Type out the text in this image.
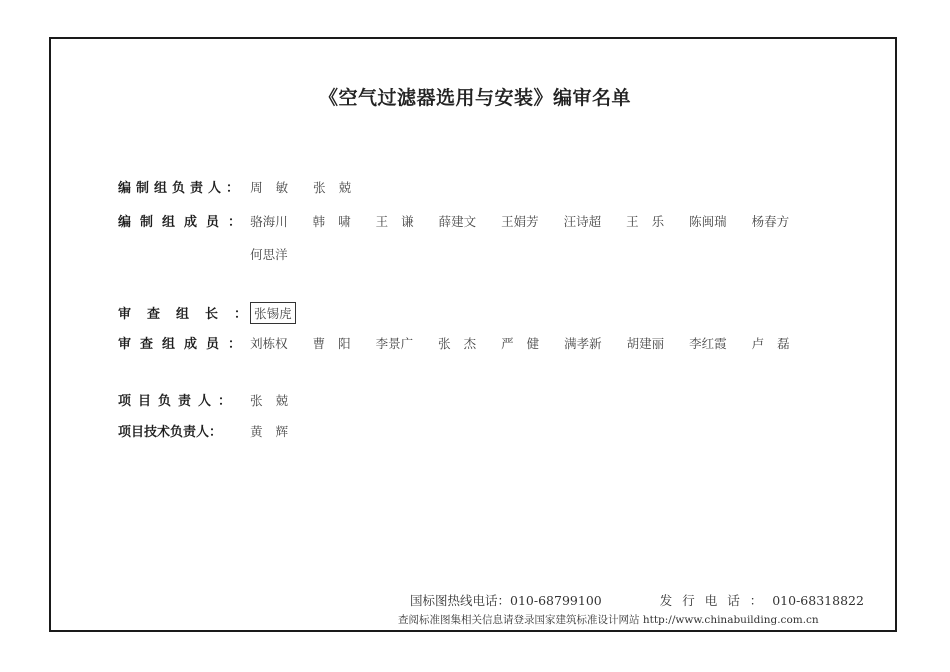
《空气过滤器选用与安装》编审名单
编制组负责人： 周敏 张兢
编制组成员： 骆海川 韩啸 王谦 薛建文 王娟芳 汪诗超 王乐 陈闽瑞 杨春方
何思洋
审查组长： 张锡虎
审查组成员： 刘栋权 曹阳 李景广 张杰 严健 满孝新 胡建丽 李红霞 卢磊
项目负责人： 张兢
项目技术负责人： 黄辉
国标图热线电话：010-68799100	发行电话：010-68318822
查阅标准图集相关信息请登录国家建筑标准设计网站 http://www.chinabuilding.com.cn
